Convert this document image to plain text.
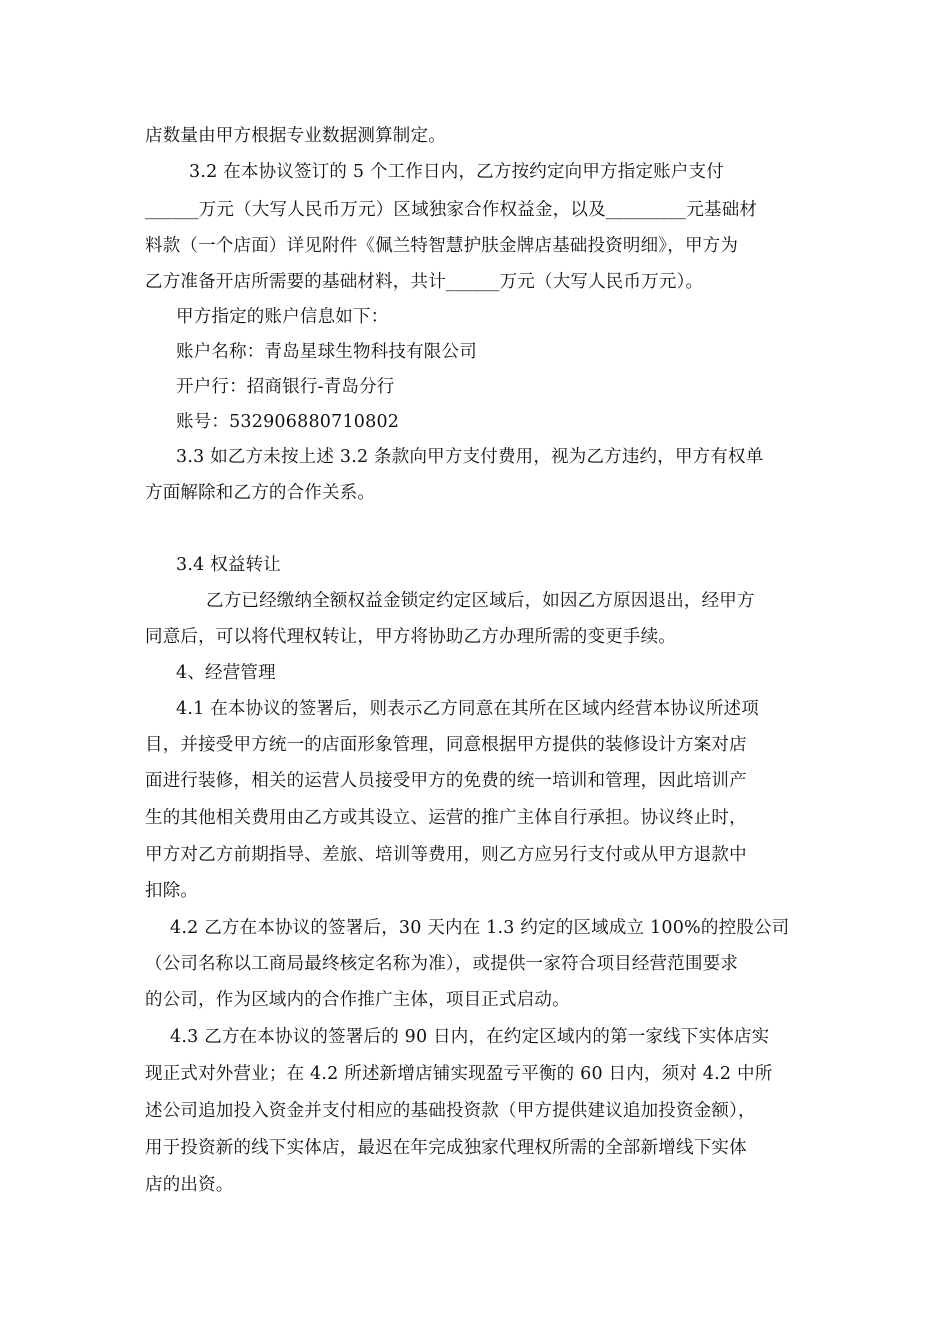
店数量由甲方根据专业数据测算制定。
3.2 在本协议签订的 5 个工作日内，乙方按约定向甲方指定账户支付
______万元（大写人民币万元）区域独家合作权益金，以及_________元基础材
料款（一个店面）详见附件《佩兰特智慧护肤金牌店基础投资明细》，甲方为
乙方准备开店所需要的基础材料，共计______万元（大写人民币万元）。
甲方指定的账户信息如下：
账户名称：青岛星球生物科技有限公司
开户行：招商银行-青岛分行
账号：532906880710802
3.3 如乙方未按上述 3.2 条款向甲方支付费用，视为乙方违约，甲方有权单
方面解除和乙方的合作关系。
3.4 权益转让
乙方已经缴纳全额权益金锁定约定区域后，如因乙方原因退出，经甲方
同意后，可以将代理权转让，甲方将协助乙方办理所需的变更手续。
4、经营管理
4.1 在本协议的签署后，则表示乙方同意在其所在区域内经营本协议所述项
目，并接受甲方统一的店面形象管理，同意根据甲方提供的装修设计方案对店
面进行装修，相关的运营人员接受甲方的免费的统一培训和管理，因此培训产
生的其他相关费用由乙方或其设立、运营的推广主体自行承担。协议终止时，
甲方对乙方前期指导、差旅、培训等费用，则乙方应另行支付或从甲方退款中
扣除。
4.2 乙方在本协议的签署后，30 天内在 1.3 约定的区域成立 100%的控股公司
（公司名称以工商局最终核定名称为准），或提供一家符合项目经营范围要求
的公司，作为区域内的合作推广主体，项目正式启动。
4.3 乙方在本协议的签署后的 90 日内，在约定区域内的第一家线下实体店实
现正式对外营业；在 4.2 所述新增店铺实现盈亏平衡的 60 日内，须对 4.2 中所
述公司追加投入资金并支付相应的基础投资款（甲方提供建议追加投资金额），
用于投资新的线下实体店，最迟在年完成独家代理权所需的全部新增线下实体
店的出资。
